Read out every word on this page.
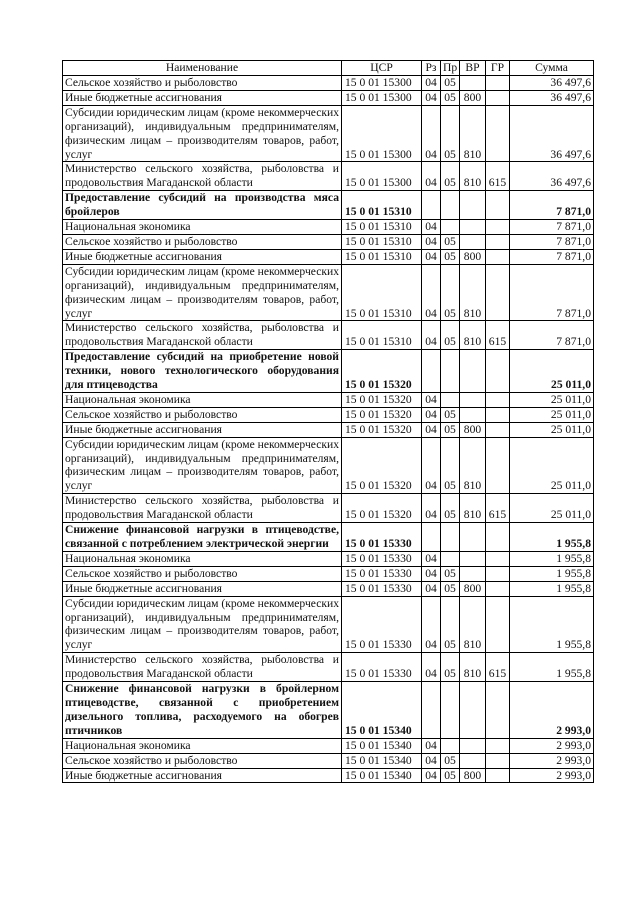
Наименование	ЦСР	Рз	Пр	ВР	ГР	Сумма
Сельское хозяйство и рыболовство	15 0 01 15300	04	05			36 497,6
Иные бюджетные ассигнования	15 0 01 15300	04	05	800		36 497,6
Субсидии юридическим лицам (кроме некоммерческих организаций), индивидуальным предпринимателям, физическим лицам – производителям товаров, работ, услуг	15 0 01 15300	04	05	810		36 497,6
Министерство сельского хозяйства, рыболовства и продовольствия Магаданской области	15 0 01 15300	04	05	810	615	36 497,6
Предоставление субсидий на производства мяса бройлеров	15 0 01 15310					7 871,0
Национальная экономика	15 0 01 15310	04				7 871,0
Сельское хозяйство и рыболовство	15 0 01 15310	04	05			7 871,0
Иные бюджетные ассигнования	15 0 01 15310	04	05	800		7 871,0
Субсидии юридическим лицам (кроме некоммерческих организаций), индивидуальным предпринимателям, физическим лицам – производителям товаров, работ, услуг	15 0 01 15310	04	05	810		7 871,0
Министерство сельского хозяйства, рыболовства и продовольствия Магаданской области	15 0 01 15310	04	05	810	615	7 871,0
Предоставление субсидий на приобретение новой техники, нового технологического оборудования для птицеводства	15 0 01 15320					25 011,0
Национальная экономика	15 0 01 15320	04				25 011,0
Сельское хозяйство и рыболовство	15 0 01 15320	04	05			25 011,0
Иные бюджетные ассигнования	15 0 01 15320	04	05	800		25 011,0
Субсидии юридическим лицам (кроме некоммерческих организаций), индивидуальным предпринимателям, физическим лицам – производителям товаров, работ, услуг	15 0 01 15320	04	05	810		25 011,0
Министерство сельского хозяйства, рыболовства и продовольствия Магаданской области	15 0 01 15320	04	05	810	615	25 011,0
Снижение финансовой нагрузки в птицеводстве, связанной с потреблением электрической энергии	15 0 01 15330					1 955,8
Национальная экономика	15 0 01 15330	04				1 955,8
Сельское хозяйство и рыболовство	15 0 01 15330	04	05			1 955,8
Иные бюджетные ассигнования	15 0 01 15330	04	05	800		1 955,8
Субсидии юридическим лицам (кроме некоммерческих организаций), индивидуальным предпринимателям, физическим лицам – производителям товаров, работ, услуг	15 0 01 15330	04	05	810		1 955,8
Министерство сельского хозяйства, рыболовства и продовольствия Магаданской области	15 0 01 15330	04	05	810	615	1 955,8
Снижение финансовой нагрузки в бройлерном птицеводстве, связанной с приобретением дизельного топлива, расходуемого на обогрев птичников	15 0 01 15340					2 993,0
Национальная экономика	15 0 01 15340	04				2 993,0
Сельское хозяйство и рыболовство	15 0 01 15340	04	05			2 993,0
Иные бюджетные ассигнования	15 0 01 15340	04	05	800		2 993,0
